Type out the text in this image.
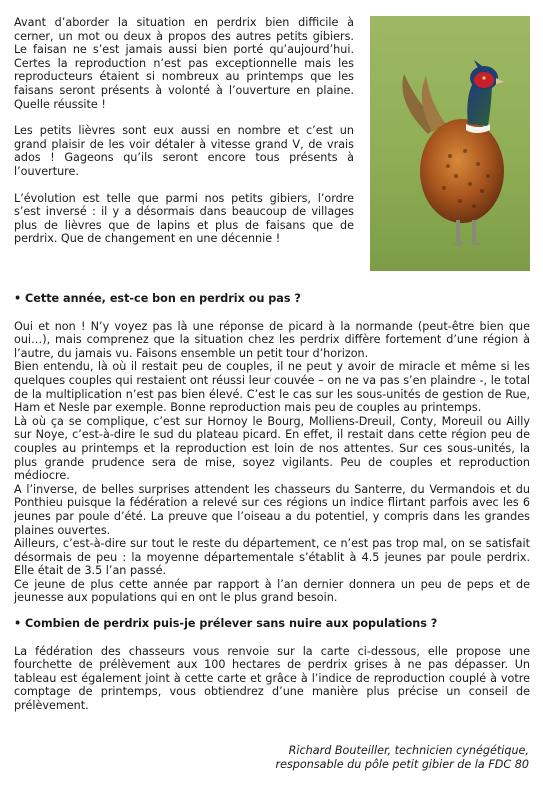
Avant d’aborder la situation en perdrix bien difficile à cerner, un mot ou deux à propos des autres petits gibiers. Le faisan ne s’est jamais aussi bien porté qu’aujourd’hui. Certes la reproduction n’est pas exceptionnelle mais les reproducteurs étaient si nombreux au printemps que les faisans seront présents à volonté à l’ouverture en plaine. Quelle réussite !

Les petits lièvres sont eux aussi en nombre et c’est un grand plaisir de les voir détaler à vitesse grand V, de vrais ados ! Gageons qu’ils seront encore tous présents à l’ouverture.

L’évolution est telle que parmi nos petits gibiers, l’ordre s’est inversé : il y a désormais dans beaucoup de villages plus de lièvres que de lapins et plus de faisans que de perdrix. Que de changement en une décennie !

• Cette année, est-ce bon en perdrix ou pas ?

Oui et non ! N’y voyez pas là une réponse de picard à la normande (peut-être bien que oui…), mais comprenez que la situation chez les perdrix diffère fortement d’une région à l’autre, du jamais vu. Faisons ensemble un petit tour d’horizon.

Bien entendu, là où il restait peu de couples, il ne peut y avoir de miracle et même si les quelques couples qui restaient ont réussi leur couvée – on ne va pas s’en plaindre -, le total de la multiplication n’est pas bien élevé. C’est le cas sur les sous-unités de gestion de Rue, Ham et Nesle par exemple. Bonne reproduction mais peu de couples au printemps.

Là où ça se complique, c’est sur Hornoy le Bourg, Molliens-Dreuil, Conty, Moreuil ou Ailly sur Noye, c’est-à-dire le sud du plateau picard. En effet, il restait dans cette région peu de couples au printemps et la reproduction est loin de nos attentes. Sur ces sous-unités, la plus grande prudence sera de mise, soyez vigilants. Peu de couples et reproduction médiocre.

A l’inverse, de belles surprises attendent les chasseurs du Santerre, du Vermandois et du Ponthieu puisque la fédération a relevé sur ces régions un indice flirtant parfois avec les 6 jeunes par poule d’été. La preuve que l’oiseau a du potentiel, y compris dans les grandes plaines ouvertes.

Ailleurs, c’est-à-dire sur tout le reste du département, ce n’est pas trop mal, on se satisfait désormais de peu : la moyenne départementale s’établit à 4.5 jeunes par poule perdrix. Elle était de 3.5 l’an passé.

Ce jeune de plus cette année par rapport à l’an dernier donnera un peu de peps et de jeunesse aux populations qui en ont le plus grand besoin.

• Combien de perdrix puis-je prélever sans nuire aux populations ?

La fédération des chasseurs vous renvoie sur la carte ci-dessous, elle propose une fourchette de prélèvement aux 100 hectares de perdrix grises à ne pas dépasser. Un tableau est également joint à cette carte et grâce à l’indice de reproduction couplé à votre comptage de printemps, vous obtiendrez d’une manière plus précise un conseil de prélèvement.

Richard Bouteiller, technicien cynégétique,
responsable du pôle petit gibier de la FDC 80
